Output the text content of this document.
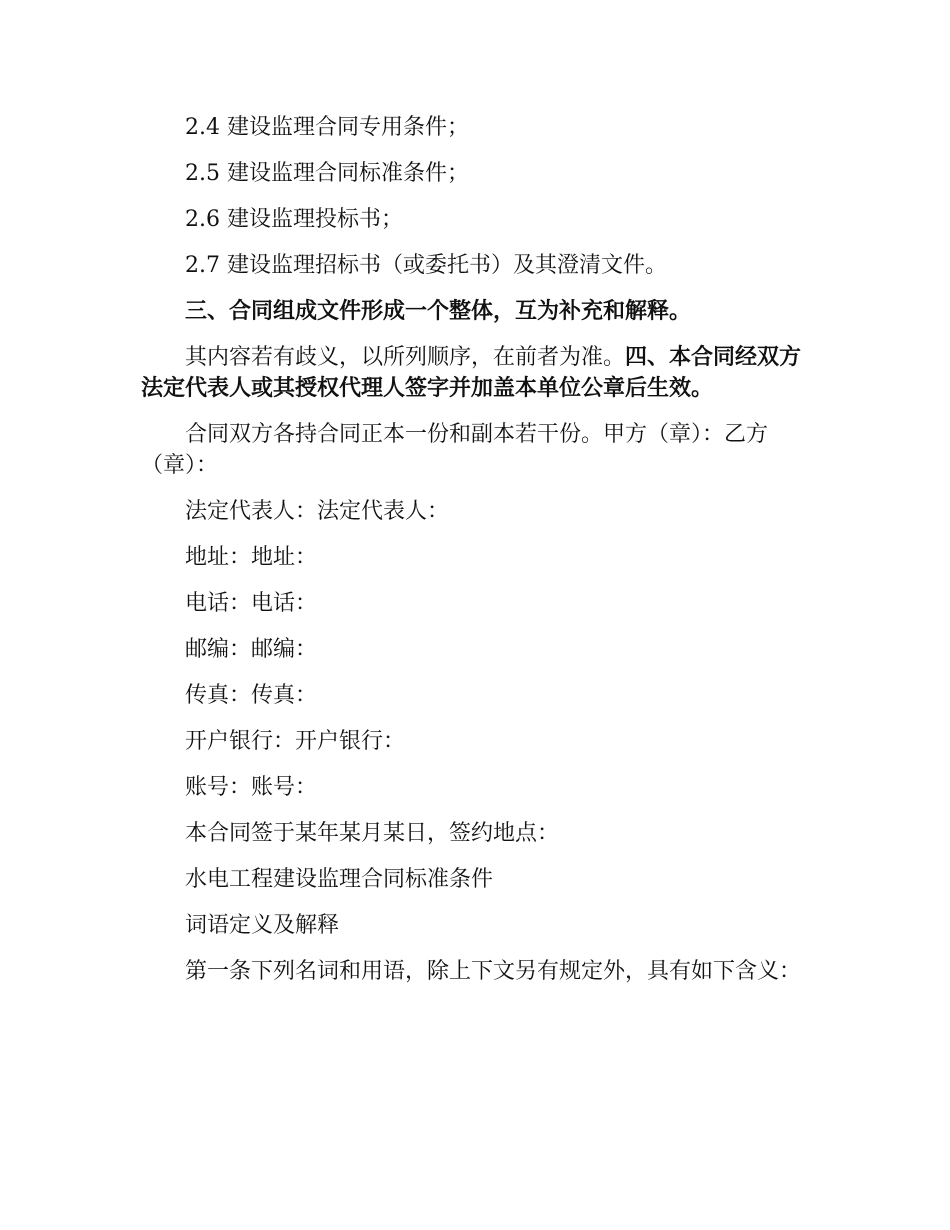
2.4 建设监理合同专用条件；

2.5 建设监理合同标准条件；

2.6 建设监理投标书；

2.7 建设监理招标书（或委托书）及其澄清文件。

三、合同组成文件形成一个整体，互为补充和解释。

其内容若有歧义，以所列顺序，在前者为准。四、本合同经双方法定代表人或其授权代理人签字并加盖本单位公章后生效。

合同双方各持合同正本一份和副本若干份。甲方（章）：乙方（章）：

法定代表人：法定代表人：

地址：地址：

电话：电话：

邮编：邮编：

传真：传真：

开户银行：开户银行：

账号：账号：

本合同签于某年某月某日，签约地点：

水电工程建设监理合同标准条件

词语定义及解释

第一条下列名词和用语，除上下文另有规定外，具有如下含义：
